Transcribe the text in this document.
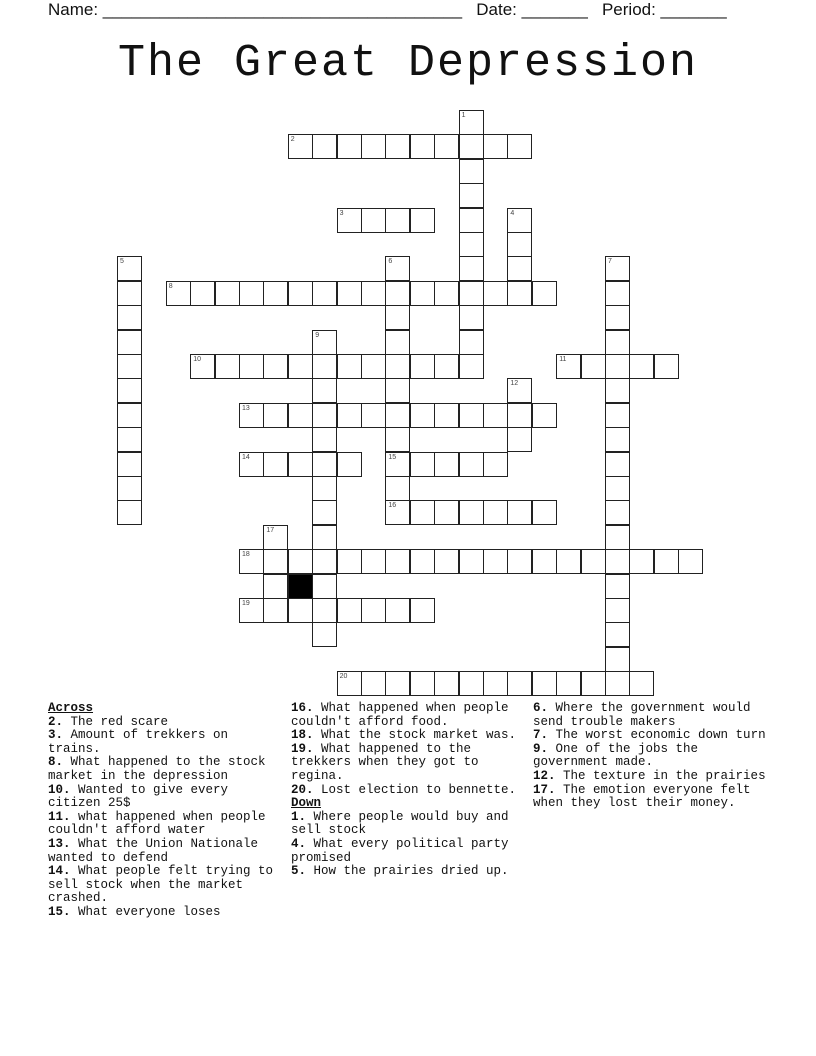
Name: ______________________________________ Date: _______ Period: _______
The Great Depression
1
2
3	4
5	6
15
7
8
9
10	11
12
13
14
16
17
18
19
20

Across

2. The red scare

3. Amount of trekkers on trains.

8. What happened to the stock market in the depression

10. Wanted to give every citizen 25$

11. what happened when people couldn't afford water

13. What the Union Nationale wanted to defend

14. What people felt trying to sell stock when the market crashed.

15. What everyone loses

16. What happened when people couldn't afford food.

18. What the stock market was.

19. What happened to the trekkers when they got to regina.

20. Lost election to bennette.

Down

1. Where people would buy and sell stock

4. What every political party promised

5. How the prairies dried up.

6. Where the government would send trouble makers

7. The worst economic down turn

9. One of the jobs the government made.

12. The texture in the prairies

17. The emotion everyone felt when they lost their money.
